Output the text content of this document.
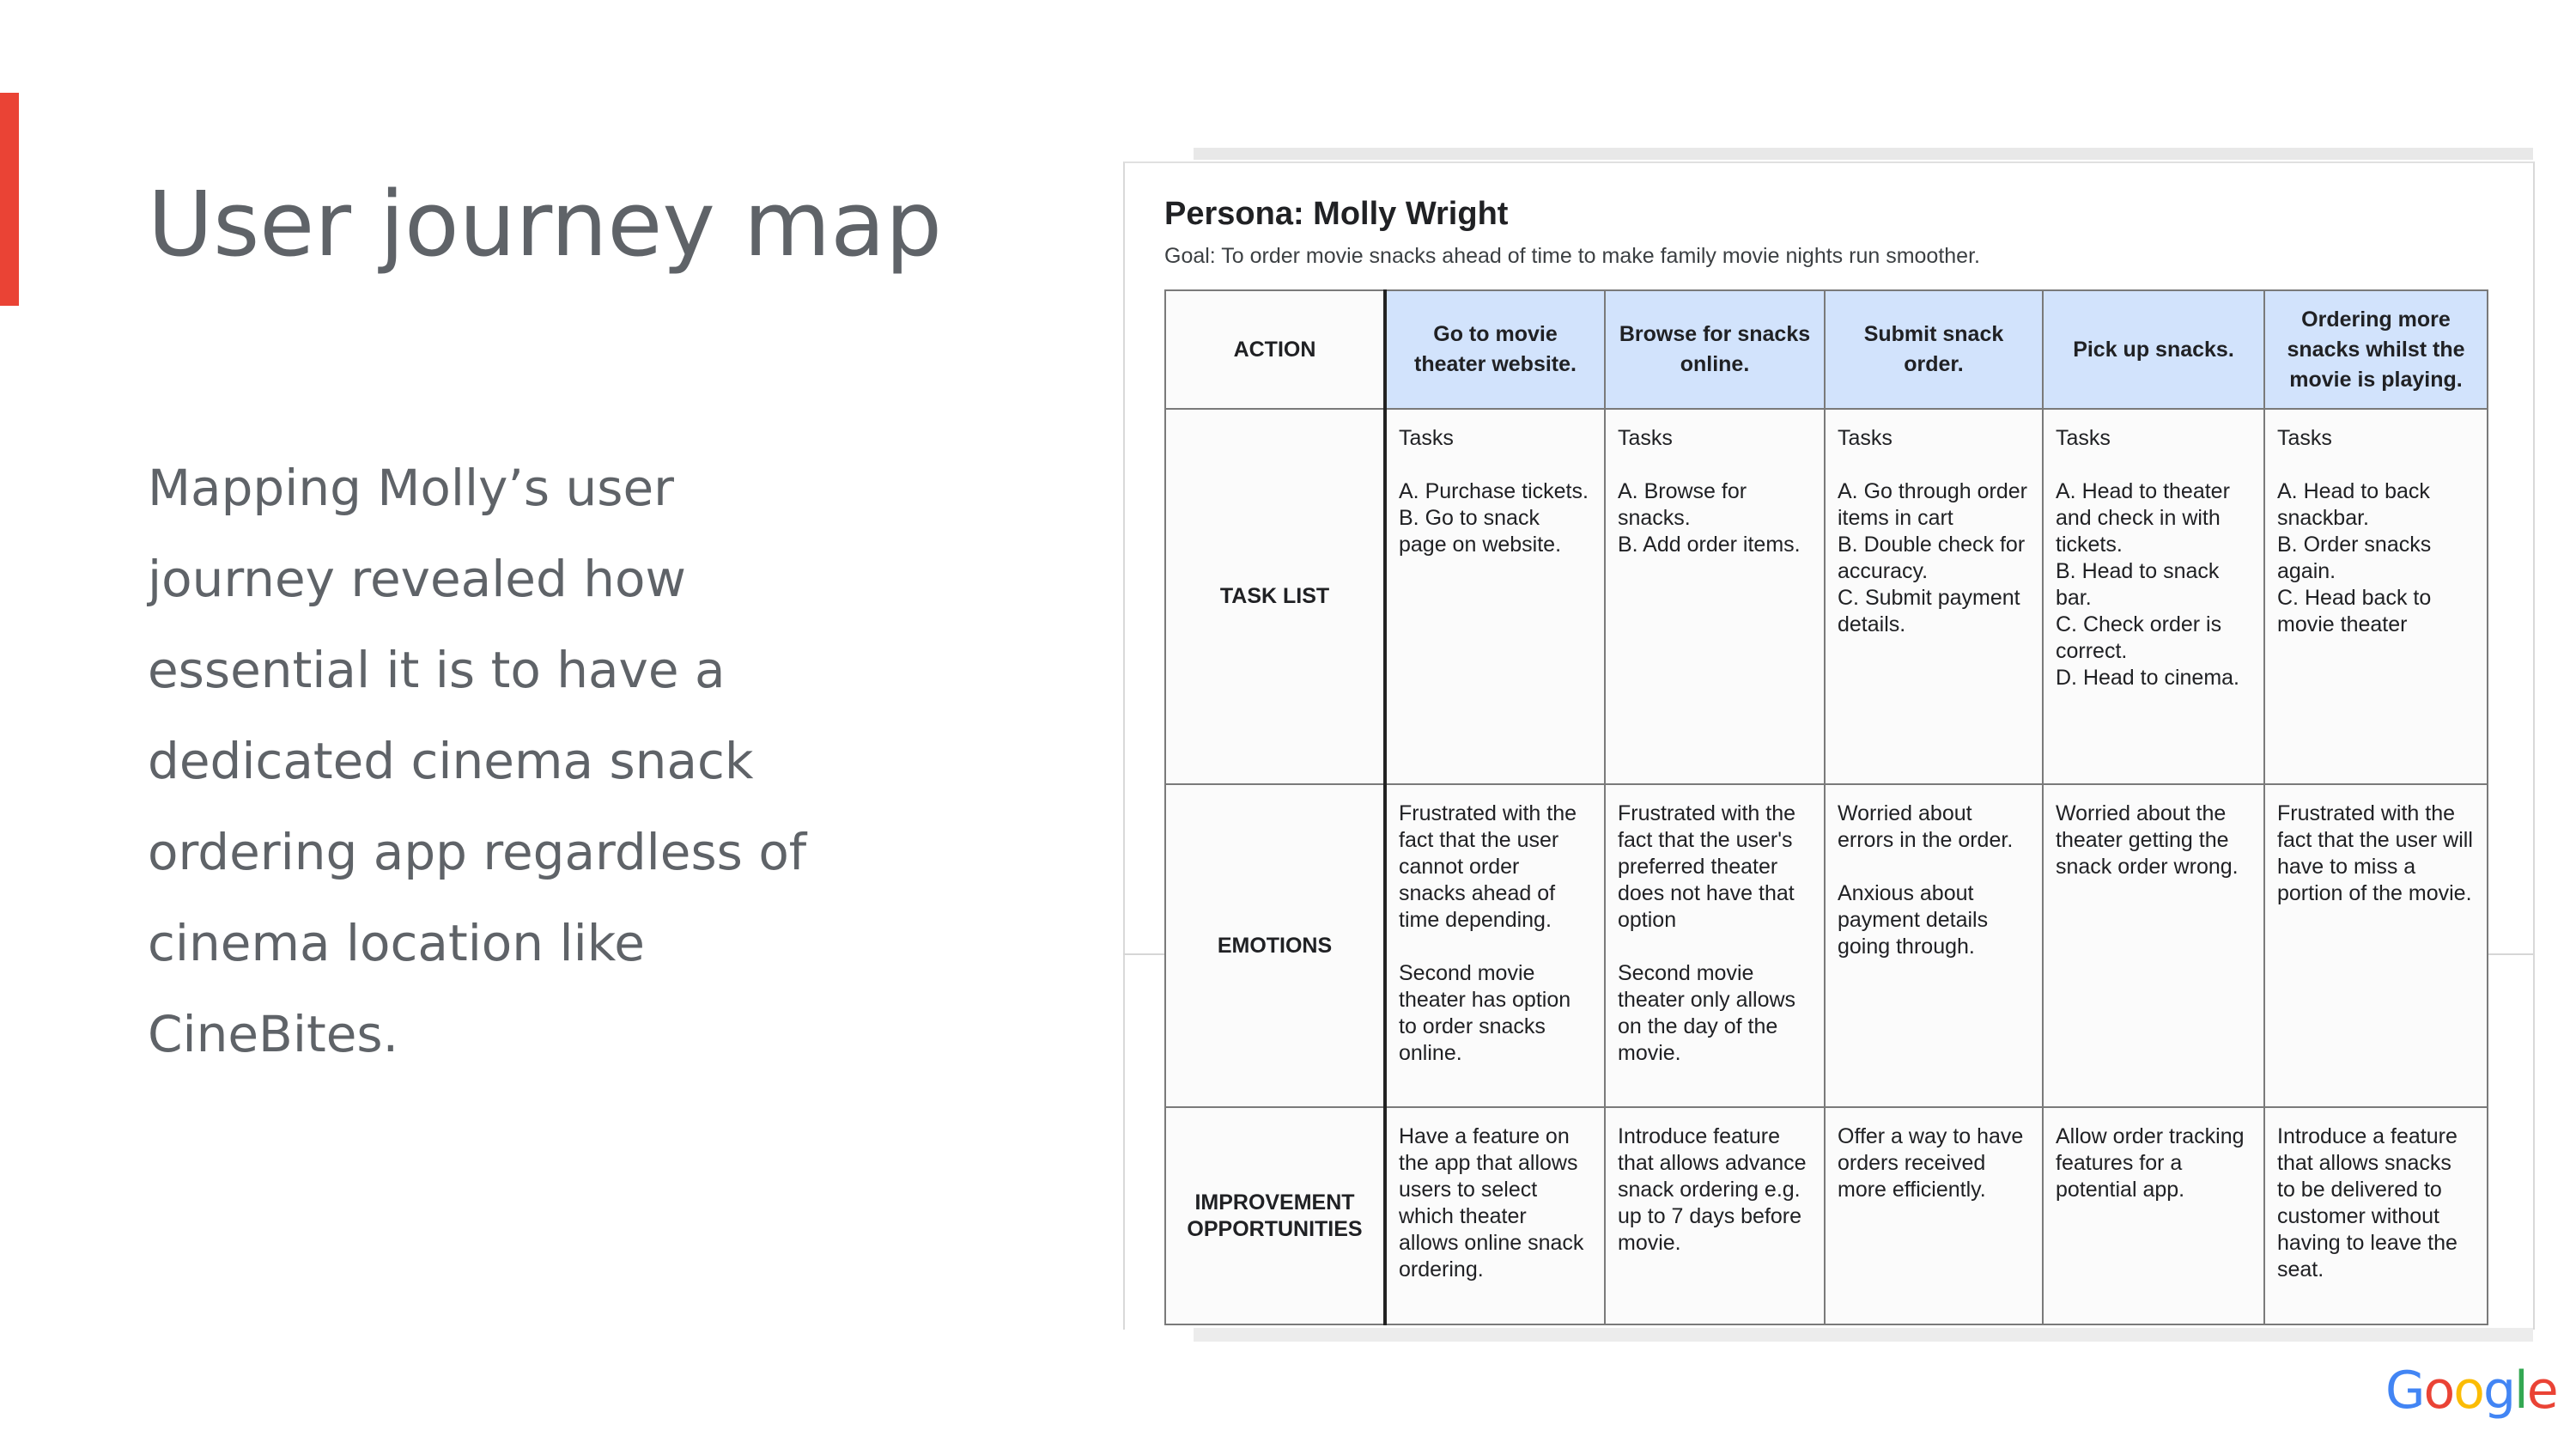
User journey map

Mapping Molly’s user journey revealed how essential it is to have a dedicated cinema snack ordering app regardless of cinema location like CineBites.

Persona: Molly Wright

Goal: To order movie snacks ahead of time to make family movie nights run smoother.

ACTION	Go to movie theater website.	Browse for snacks online.	Submit snack order.	Pick up snacks.	Ordering more snacks whilst the movie is playing.
TASK LIST	Tasks

A. Purchase tickets.
B. Go to snack page on website.	Tasks

A. Browse for snacks.
B. Add order items.	Tasks

A. Go through order items in cart
B. Double check for accuracy.
C. Submit payment details.	Tasks

A. Head to theater and check in with tickets.
B. Head to snack bar.
C. Check order is correct.
D. Head to cinema.	Tasks

A. Head to back snackbar.
B. Order snacks again.
C. Head back to movie theater
EMOTIONS	Frustrated with the fact that the user cannot order snacks ahead of time depending.

Second movie theater has option to order snacks online.	Frustrated with the fact that the user's preferred theater does not have that option

Second movie theater only allows on the day of the movie.	Worried about errors in the order.

Anxious about payment details going through.	Worried about the theater getting the snack order wrong.	Frustrated with the fact that the user will have to miss a portion of the movie.
IMPROVEMENT OPPORTUNITIES	Have a feature on the app that allows users to select which theater allows online snack ordering.	Introduce feature that allows advance snack ordering e.g. up to 7 days before movie.	Offer a way to have orders received more efficiently.	Allow order tracking features for a potential app.	Introduce a feature that allows snacks to be delivered to customer without having to leave the seat.
Google
